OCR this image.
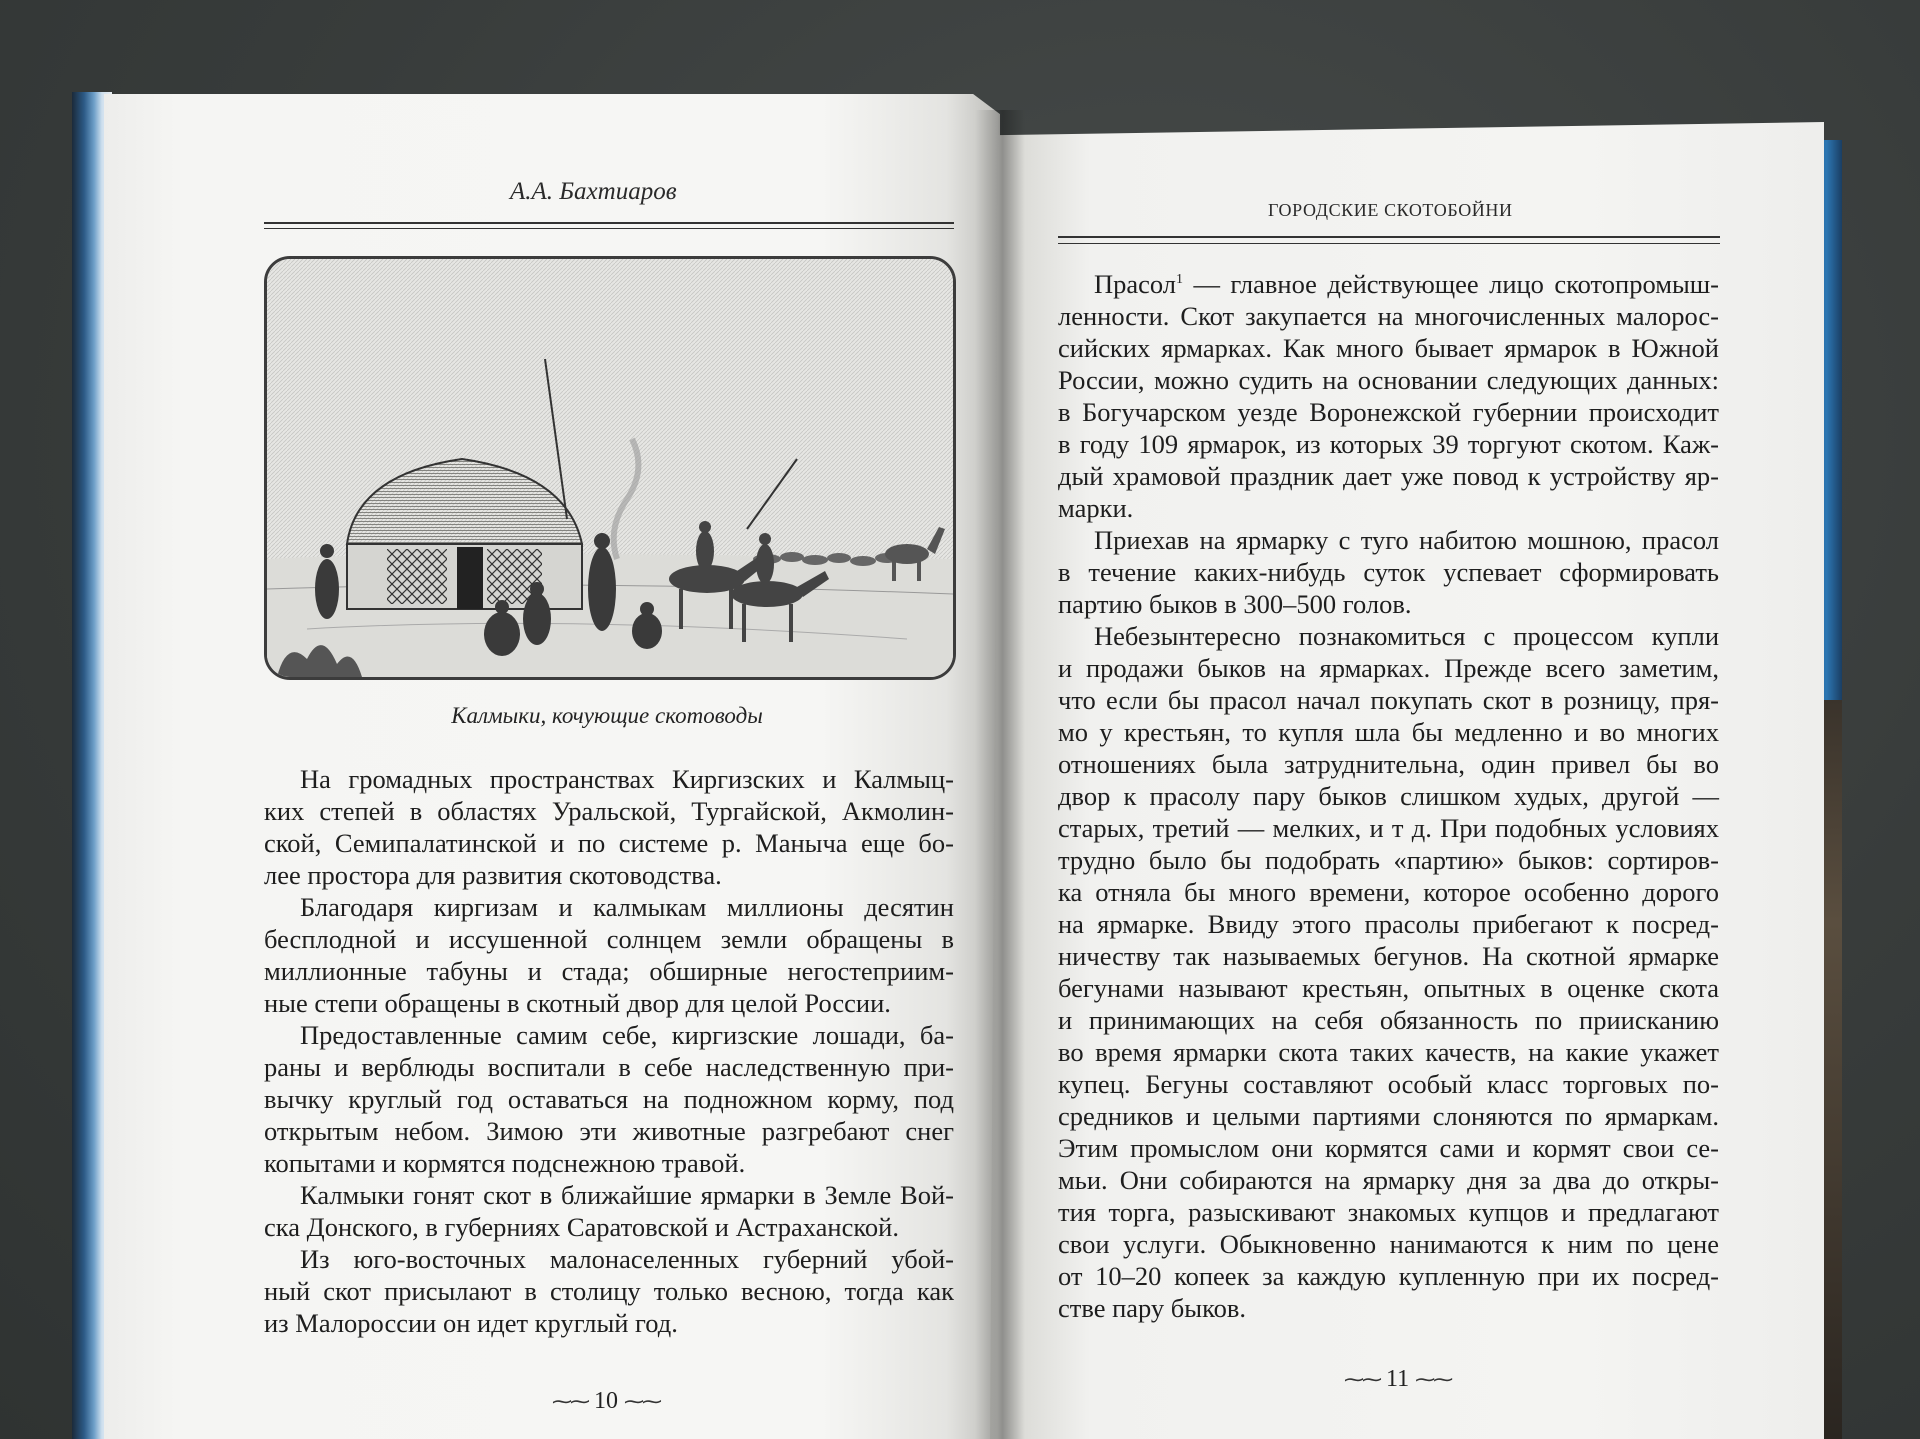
А.А. Бахтиаров
Калмыки, кочующие скотоводы
На громадных пространствах Киргизских и Калмыц-
ких степей в областях Уральской, Тургайской, Акмолин-
ской, Семипалатинской и по системе р. Маныча еще бо-
лее простора для развития скотоводства.
Благодаря киргизам и калмыкам миллионы десятин
бесплодной и иссушенной солнцем земли обращены в
миллионные табуны и стада; обширные негостеприим-
ные степи обращены в скотный двор для целой России.
Предоставленные самим себе, киргизские лошади, ба-
раны и верблюды воспитали в себе наследственную при-
вычку круглый год оставаться на подножном корму, под
открытым небом. Зимою эти животные разгребают снег
копытами и кормятся подснежною травой.
Калмыки гонят скот в ближайшие ярмарки в Земле Вой-
ска Донского, в губерниях Саратовской и Астраханской.
Из юго-восточных малонаселенных губерний убой-
ный скот присылают в столицу только весною, тогда как
из Малороссии он идет круглый год.
⁓⁓ 10 ⁓⁓
ГОРОДСКИЕ СКОТОБОЙНИ
Прасол$^1$ — главное действующее лицо скотопромыш-
ленности. Скот закупается на многочисленных малорос-
сийских ярмарках. Как много бывает ярмарок в Южной
России, можно судить на основании следующих данных:
в Богучарском уезде Воронежской губернии происходит
в году 109 ярмарок, из которых 39 торгуют скотом. Каж-
дый храмовой праздник дает уже повод к устройству яр-
марки.
Приехав на ярмарку с туго набитою мошною, прасол
в течение каких-нибудь суток успевает сформировать
партию быков в 300–500 голов.
Небезынтересно познакомиться с процессом купли
и продажи быков на ярмарках. Прежде всего заметим,
что если бы прасол начал покупать скот в розницу, пря-
мо у крестьян, то купля шла бы медленно и во многих
отношениях была затруднительна, один привел бы во
двор к прасолу пару быков слишком худых, другой —
старых, третий — мелких, и т д. При подобных условиях
трудно было бы подобрать «партию» быков: сортиров-
ка отняла бы много времени, которое особенно дорого
на ярмарке. Ввиду этого прасолы прибегают к посред-
ничеству так называемых бегунов. На скотной ярмарке
бегунами называют крестьян, опытных в оценке скота
и принимающих на себя обязанность по приисканию
во время ярмарки скота таких качеств, на какие укажет
купец. Бегуны составляют особый класс торговых по-
средников и целыми партиями слоняются по ярмаркам.
Этим промыслом они кормятся сами и кормят свои се-
мьи. Они собираются на ярмарку дня за два до откры-
тия торга, разыскивают знакомых купцов и предлагают
свои услуги. Обыкновенно нанимаются к ним по цене
от 10–20 копеек за каждую купленную при их посред-
стве пару быков.
⁓⁓ 11 ⁓⁓
